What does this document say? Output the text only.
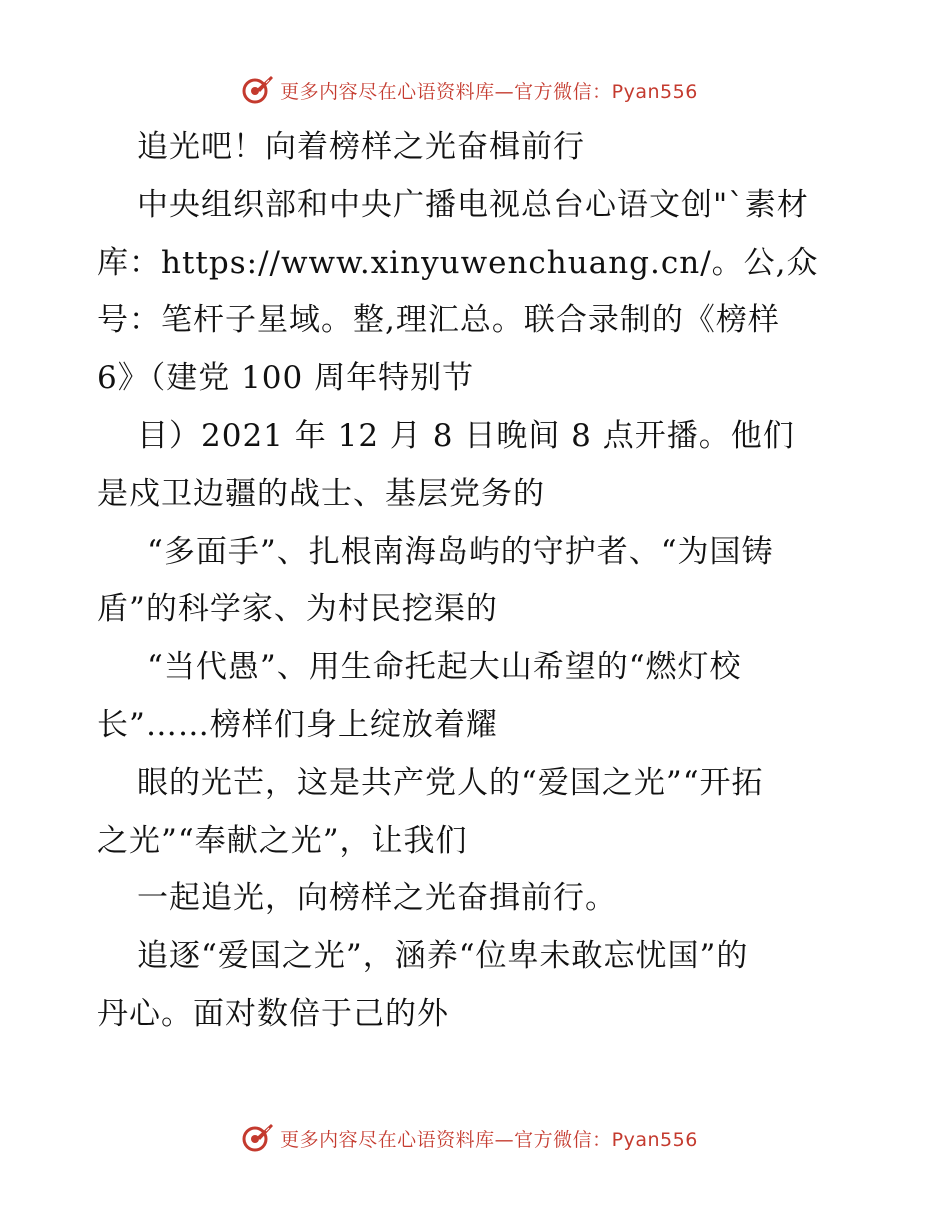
更多内容尽在心语资料库—官方微信：Pyan556
追光吧！向着榜样之光奋楫前行
中央组织部和中央广播电视总台心语文创"`素材
库：https://www.xinyuwenchuang.cn/。公,众
号：笔杆子星域。整,理汇总。联合录制的《榜样
6》（建党 100 周年特别节
目）2021 年 12 月 8 日晚间 8 点开播。他们
是戍卫边疆的战士、基层党务的
“多面手”、扎根南海岛屿的守护者、“为国铸
盾”的科学家、为村民挖渠的
“当代愚”、用生命托起大山希望的“燃灯校
长”……榜样们身上绽放着耀
眼的光芒，这是共产党人的“爱国之光”“开拓
之光”“奉献之光”，让我们
一起追光，向榜样之光奋揖前行。
追逐“爱国之光”，涵养“位卑未敢忘忧国”的
丹心。面对数倍于己的外
更多内容尽在心语资料库—官方微信：Pyan556
